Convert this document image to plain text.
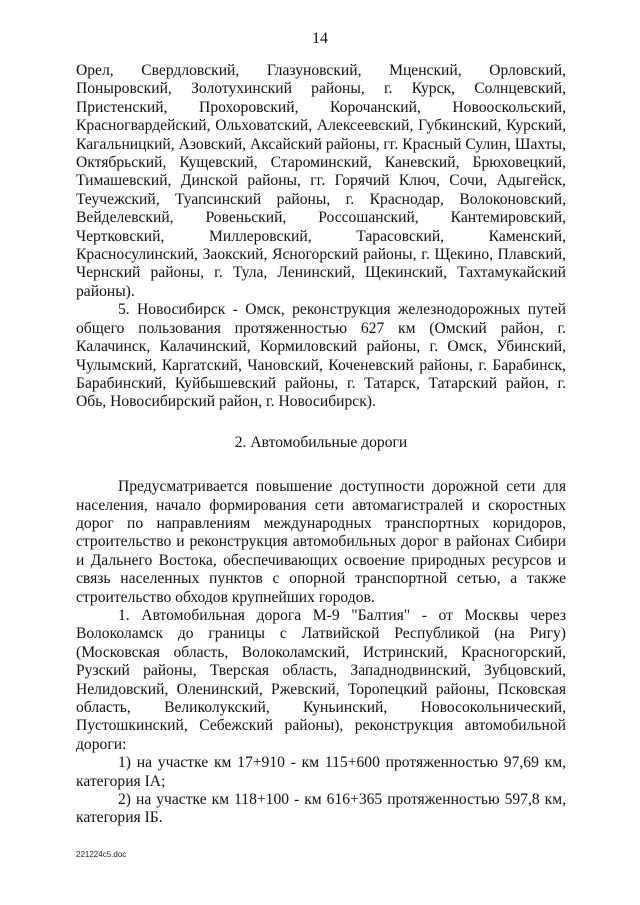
14

Орел, Свердловский, Глазуновский, Мценский, Орловский, Поныровский, Золотухинский районы, г. Курск, Солнцевский, Пристенский, Прохоровский, Корочанский, Новооскольский, Красногвардейский, Ольховатский, Алексеевский, Губкинский, Курский, Кагальницкий, Азовский, Аксайский районы, гг. Красный Сулин, Шахты, Октябрьский, Кущевский, Староминский, Каневский, Брюховецкий, Тимашевский, Динской районы, гг. Горячий Ключ, Сочи, Адыгейск, Теучежский, Туапсинский районы, г. Краснодар, Волоконовский, Вейделевский, Ровеньский, Россошанский, Кантемировский, Чертковский, Миллеровский, Тарасовский, Каменский, Красносулинский, Заокский, Ясногорский районы, г. Щекино, Плавский, Чернский районы, г. Тула, Ленинский, Щекинский, Тахтамукайский районы).

5. Новосибирск - Омск, реконструкция железнодорожных путей общего пользования протяженностью 627 км (Омский район, г. Калачинск, Калачинский, Кормиловский районы, г. Омск, Убинский, Чулымский, Каргатский, Чановский, Коченевский районы, г. Барабинск, Барабинский, Куйбышевский районы, г. Татарск, Татарский район, г. Обь, Новосибирский район, г. Новосибирск).

2. Автомобильные дороги

Предусматривается повышение доступности дорожной сети для населения, начало формирования сети автомагистралей и скоростных дорог по направлениям международных транспортных коридоров, строительство и реконструкция автомобильных дорог в районах Сибири и Дальнего Востока, обеспечивающих освоение природных ресурсов и связь населенных пунктов с опорной транспортной сетью, а также строительство обходов крупнейших городов.

1. Автомобильная дорога М-9 "Балтия" - от Москвы через Волоколамск до границы с Латвийской Республикой (на Ригу) (Московская область, Волоколамский, Истринский, Красногорский, Рузский районы, Тверская область, Западнодвинский, Зубцовский, Нелидовский, Оленинский, Ржевский, Торопецкий районы, Псковская область, Великолукский, Куньинский, Новосокольнический, Пустошкинский, Себежский районы), реконструкция автомобильной дороги:

1) на участке км 17+910 - км 115+600 протяженностью 97,69 км, категория IA;

2) на участке км 118+100 - км 616+365 протяженностью 597,8 км, категория IБ.

221224с5.doc
